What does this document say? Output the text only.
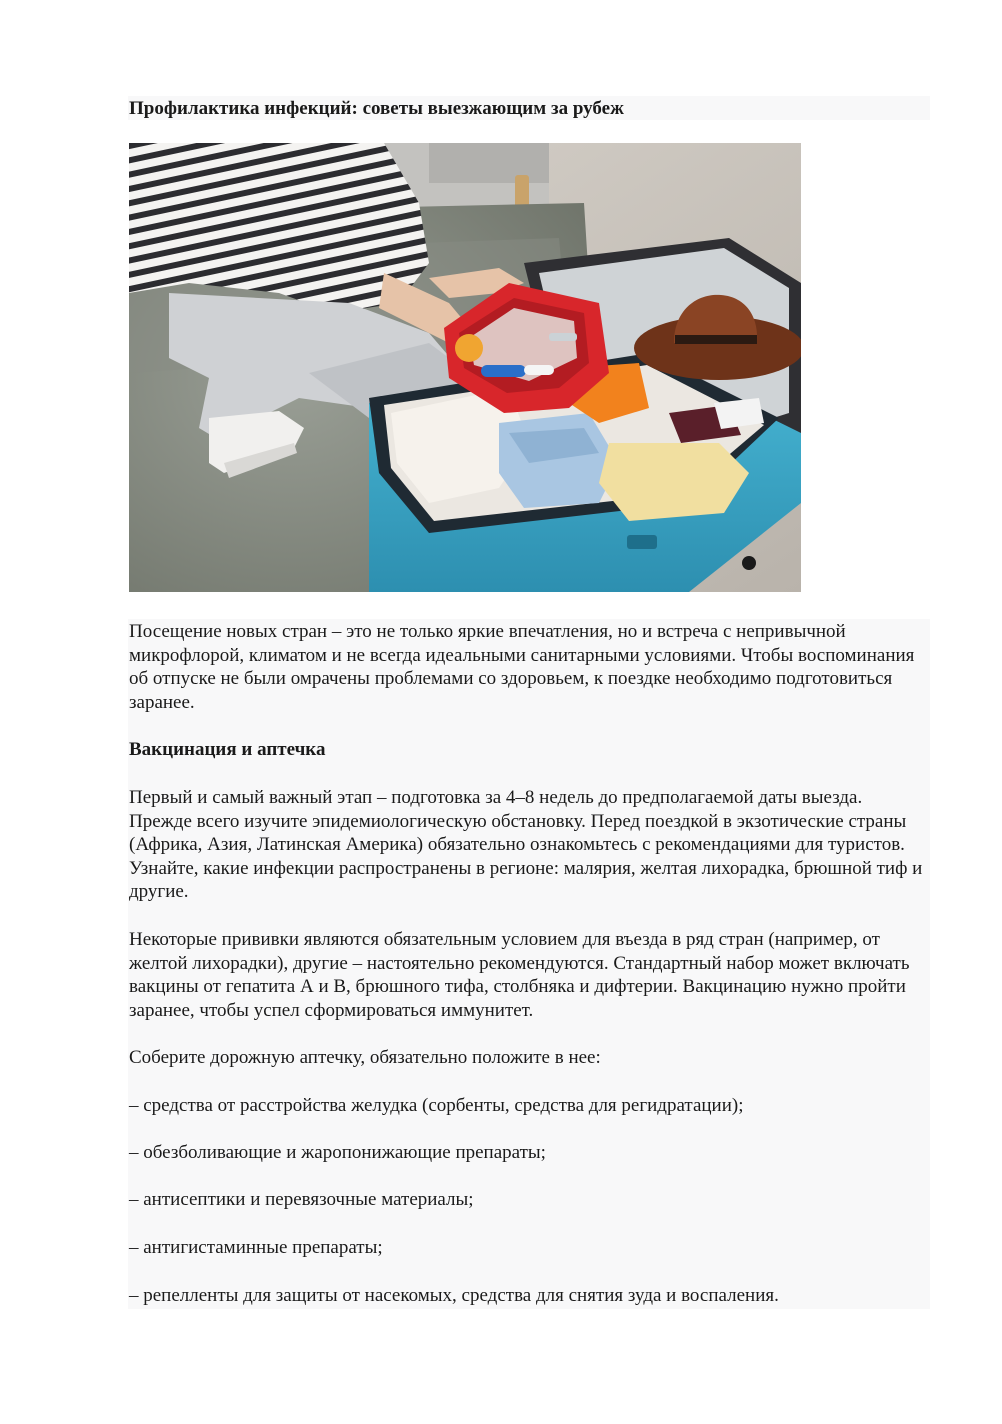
Профилактика инфекций: советы выезжающим за рубеж

Посещение новых стран – это не только яркие впечатления, но и встреча с непривычной микрофлорой, климатом и не всегда идеальными санитарными условиями. Чтобы воспоминания об отпуске не были омрачены проблемами со здоровьем, к поездке необходимо подготовиться заранее.

Вакцинация и аптечка

Первый и самый важный этап – подготовка за 4–8 недель до предполагаемой даты выезда. Прежде всего изучите эпидемиологическую обстановку. Перед поездкой в экзотические страны (Африка, Азия, Латинская Америка) обязательно ознакомьтесь с рекомендациями для туристов. Узнайте, какие инфекции распространены в регионе: малярия, желтая лихорадка, брюшной тиф и другие.

Некоторые прививки являются обязательным условием для въезда в ряд стран (например, от желтой лихорадки), другие – настоятельно рекомендуются. Стандартный набор может включать вакцины от гепатита А и В, брюшного тифа, столбняка и дифтерии. Вакцинацию нужно пройти заранее, чтобы успел сформироваться иммунитет.

Соберите дорожную аптечку, обязательно положите в нее:

– средства от расстройства желудка (сорбенты, средства для регидратации);

– обезболивающие и жаропонижающие препараты;

– антисептики и перевязочные материалы;

– антигистаминные препараты;

– репелленты для защиты от насекомых, средства для снятия зуда и воспаления.
